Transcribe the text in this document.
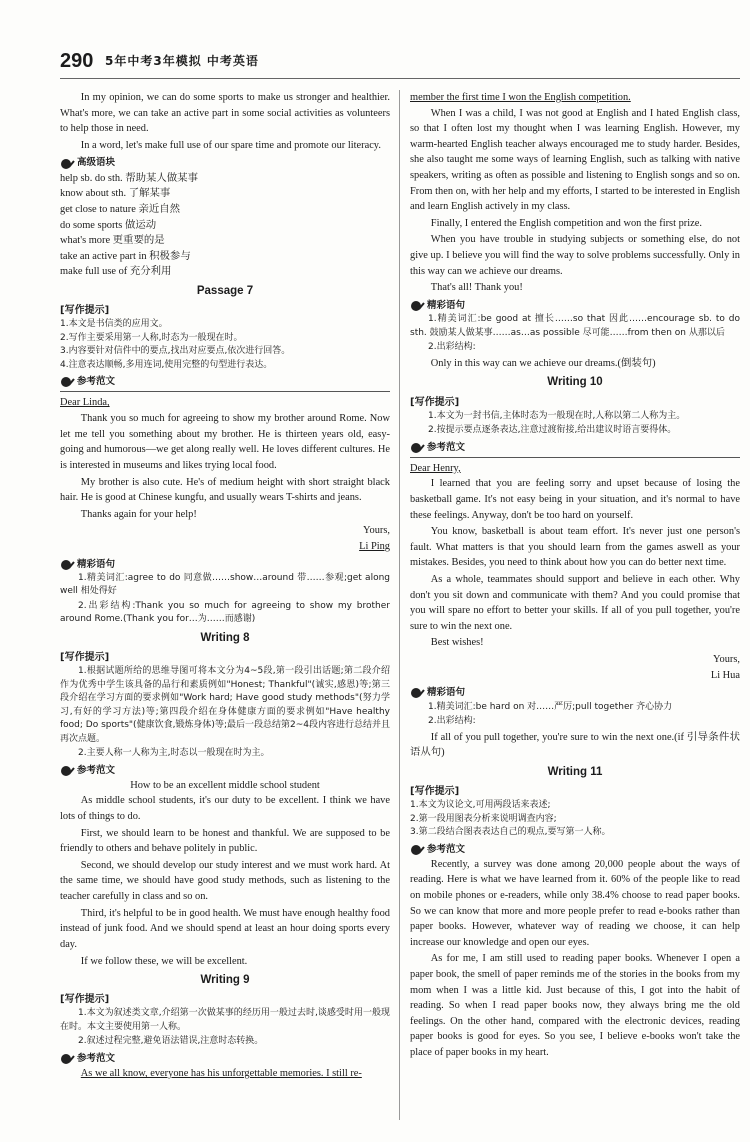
290 5年中考3年模拟 中考英语

In my opinion, we can do some sports to make us stronger and healthier. What's more, we can take an active part in some social activities as volunteers to help those in need.

In a word, let's make full use of our spare time and promote our literacy.

高级语块

help sb. do sth. 帮助某人做某事

know about sth. 了解某事

get close to nature 亲近自然

do some sports 做运动

what's more 更重要的是

take an active part in 积极参与

make full use of 充分利用

Passage 7
[写作提示]

1.本文是书信类的应用文。

2.写作主要采用第一人称,时态为一般现在时。

3.内容要针对信件中的要点,找出对应要点,依次进行回答。

4.注意表达顺畅,多用连词,使用完整的句型进行表达。

参考范文

Dear Linda,

Thank you so much for agreeing to show my brother around Rome. Now let me tell you something about my brother. He is thirteen years old, easy-going and humorous—we get along really well. He loves different cultures. He is interested in museums and likes trying local food.

My brother is also cute. He's of medium height with short straight black hair. He is good at Chinese kungfu, and usually wears T-shirts and jeans.

Thanks again for your help!

Yours,

Li Ping

精彩语句

1.精美词汇:agree to do 同意做……show…around 带……参观;get along well 相处得好

2.出彩结构:Thank you so much for agreeing to show my brother around Rome.(Thank you for…为……而感谢)

Writing 8
[写作提示]

1.根据试题所给的思维导图可将本文分为4~5段,第一段引出话题;第二段介绍作为优秀中学生该具备的品行和素质例如"Honest; Thankful"(诚实,感恩)等;第三段介绍在学习方面的要求例如"Work hard; Have good study methods"(努力学习,有好的学习方法)等;第四段介绍在身体健康方面的要求例如"Have healthy food; Do sports"(健康饮食,锻炼身体)等;最后一段总结第2~4段内容进行总结并且再次点题。

2.主要人称一人称为主,时态以一般现在时为主。

参考范文

How to be an excellent middle school student

As middle school students, it's our duty to be excellent. I think we have lots of things to do.

First, we should learn to be honest and thankful. We are supposed to be friendly to others and behave politely in public.

Second, we should develop our study interest and we must work hard. At the same time, we should have good study methods, such as listening to the teacher carefully in class and so on.

Third, it's helpful to be in good health. We must have enough healthy food instead of junk food. And we should spend at least an hour doing sports every day.

If we follow these, we will be excellent.

Writing 9
[写作提示]

1.本文为叙述类文章,介绍第一次做某事的经历用一般过去时,谈感受时用一般现在时。本文主要使用第一人称。

2.叙述过程完整,避免语法错误,注意时态转换。

参考范文

As we all know, everyone has his unforgettable memories. I still re-

member the first time I won the English competition.

When I was a child, I was not good at English and I hated English class, so that I often lost my thought when I was learning English. However, my warm-hearted English teacher always encouraged me to study harder. Besides, she also taught me some ways of learning English, such as talking with native speakers, writing as often as possible and listening to English songs and so on. From then on, with her help and my efforts, I started to be interested in English and learn English actively in my class.

Finally, I entered the English competition and won the first prize.

When you have trouble in studying subjects or something else, do not give up. I believe you will find the way to solve problems successfully. Only in this way can we achieve our dreams.

That's all! Thank you!

精彩语句

1.精美词汇:be good at 擅长……so that 因此……encourage sb. to do sth. 鼓励某人做某事……as…as possible 尽可能……from then on 从那以后

2.出彩结构:

Only in this way can we achieve our dreams.(倒装句)

Writing 10
[写作提示]

1.本文为一封书信,主体时态为一般现在时,人称以第二人称为主。

2.按提示要点逐条表达,注意过渡衔接,给出建议时语言要得体。

参考范文

Dear Henry,

I learned that you are feeling sorry and upset because of losing the basketball game. It's not easy being in your situation, and it's normal to have these feelings. Anyway, don't be too hard on yourself.

You know, basketball is about team effort. It's never just one person's fault. What matters is that you should learn from the games aswell as your mistakes. Besides, you need to think about how you can do better next time.

As a whole, teammates should support and believe in each other. Why don't you sit down and communicate with them? And you could promise that you will spare no effort to better your skills. If all of you pull together, you're sure to win the next one.

Best wishes!

Yours,

Li Hua

精彩语句

1.精美词汇:be hard on 对……严厉;pull together 齐心协力

2.出彩结构:

If all of you pull together, you're sure to win the next one.(if 引导条件状语从句)

Writing 11
[写作提示]

1.本文为议论文,可用两段话来表述;

2.第一段用图表分析来说明调查内容;

3.第二段结合图表表达自己的观点,要写第一人称。

参考范文

Recently, a survey was done among 20,000 people about the ways of reading. Here is what we have learned from it. 60% of the people like to read on mobile phones or e-readers, while only 38.4% choose to read paper books. So we can know that more and more people prefer to read e-books rather than paper books. However, whatever way of reading we choose, it can help increase our knowledge and open our eyes.

As for me, I am still used to reading paper books. Whenever I open a paper book, the smell of paper reminds me of the stories in the books from my mom when I was a little kid. Just because of this, I got into the habit of reading. So when I read paper books now, they always bring me the old feelings. On the other hand, compared with the electronic devices, reading paper books is good for eyes. So you see, I believe e-books won't take the place of paper books in my heart.
